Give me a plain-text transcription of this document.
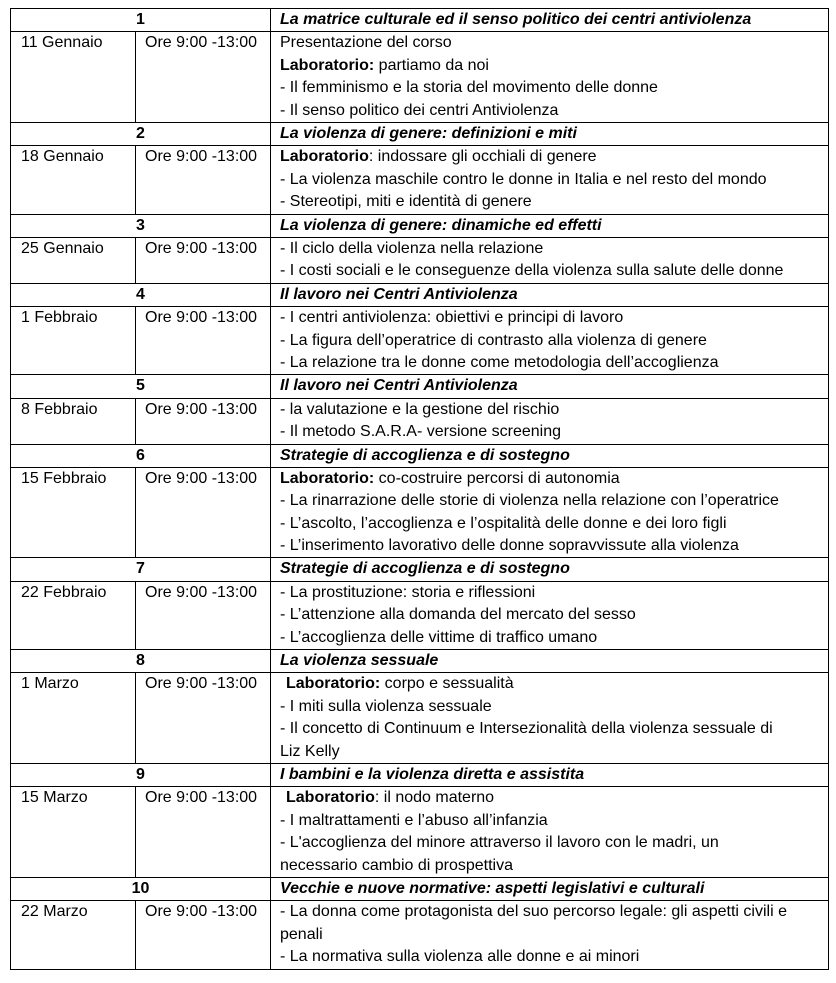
1		La matrice culturale ed il senso politico dei centri antiviolenza
11 Gennaio	Ore 9:00 -13:00	Presentazione del corso
Laboratorio: partiamo da noi
- Il femminismo e la storia del movimento delle donne
- Il senso politico dei centri Antiviolenza

2		La violenza di genere: definizioni e miti
18 Gennaio	Ore 9:00 -13:00	Laboratorio: indossare gli occhiali di genere
- La violenza maschile contro le donne in Italia e nel resto del mondo
- Stereotipi, miti e identità di genere

3		La violenza di genere: dinamiche ed effetti
25 Gennaio	Ore 9:00 -13:00	- Il ciclo della violenza nella relazione
- I costi sociali e le conseguenze della violenza sulla salute delle donne

4		Il lavoro nei Centri Antiviolenza
1 Febbraio	Ore 9:00 -13:00	- I centri antiviolenza: obiettivi e principi di lavoro
- La figura dell’operatrice di contrasto alla violenza di genere
- La relazione tra le donne come metodologia dell’accoglienza

5		Il lavoro nei Centri Antiviolenza
8 Febbraio	Ore 9:00 -13:00	- la valutazione e la gestione del rischio
- Il metodo S.A.R.A- versione screening

6		Strategie di accoglienza e di sostegno
15 Febbraio	Ore 9:00 -13:00	Laboratorio: co-costruire percorsi di autonomia
- La rinarrazione delle storie di violenza nella relazione con l’operatrice
- L’ascolto, l’accoglienza e l’ospitalità delle donne e dei loro figli
- L’inserimento lavorativo delle donne sopravvissute alla violenza

7		Strategie di accoglienza e di sostegno
22 Febbraio	Ore 9:00 -13:00	- La prostituzione: storia e riflessioni
- L’attenzione alla domanda del mercato del sesso
- L’accoglienza delle vittime di traffico umano

8		La violenza sessuale
1 Marzo	Ore 9:00 -13:00	Laboratorio: corpo e sessualità
- I miti sulla violenza sessuale
- Il concetto di Continuum e Intersezionalità della violenza sessuale di
Liz Kelly

9		I bambini e la violenza diretta e assistita
15 Marzo	Ore 9:00 -13:00	Laboratorio: il nodo materno
- I maltrattamenti e l’abuso all’infanzia
- L'accoglienza del minore attraverso il lavoro con le madri, un
necessario cambio di prospettiva

10		Vecchie e nuove normative: aspetti legislativi e culturali
22 Marzo	Ore 9:00 -13:00	- La donna come protagonista del suo percorso legale: gli aspetti civili e
penali
- La normativa sulla violenza alle donne e ai minori
